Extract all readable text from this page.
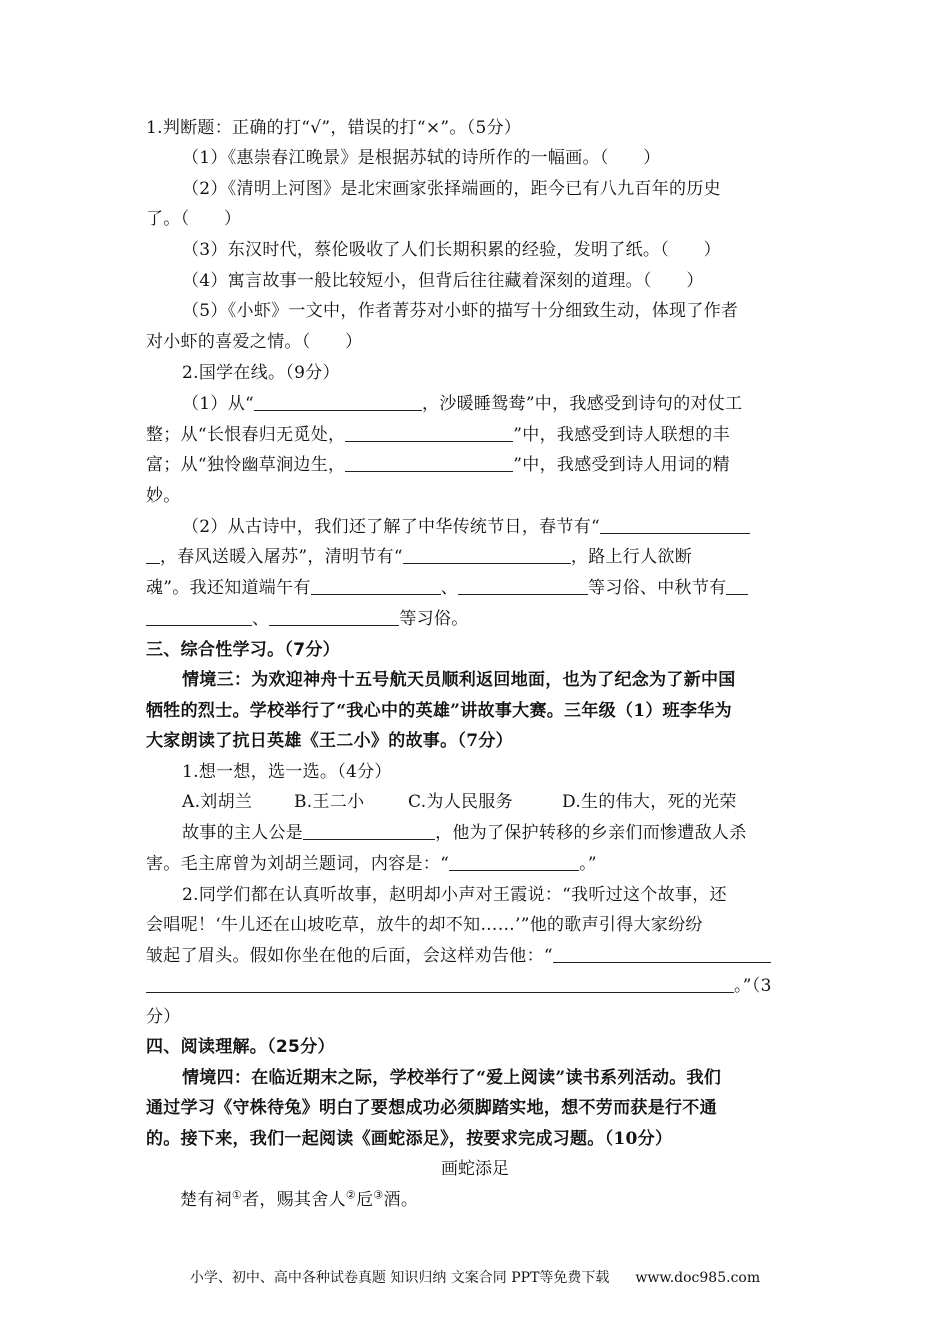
1.判断题：正确的打“√”，错误的打“×”。（5分）
（1）《惠崇春江晚景》是根据苏轼的诗所作的一幅画。（　　）
（2）《清明上河图》是北宋画家张择端画的，距今已有八九百年的历史
了。（　　）
（3）东汉时代，蔡伦吸收了人们长期积累的经验，发明了纸。（　　）
（4）寓言故事一般比较短小，但背后往往藏着深刻的道理。（　　）
（5）《小虾》一文中，作者菁芬对小虾的描写十分细致生动，体现了作者
对小虾的喜爱之情。（　　）
2.国学在线。（9分）
（1）从“	，沙暖睡鸳鸯”中，我感受到诗句的对仗工
整；从“长恨春归无觅处，	”中，我感受到诗人联想的丰
富；从“独怜幽草涧边生，	”中，我感受到诗人用词的精
妙。
（2）从古诗中，我们还了解了中华传统节日，春节有“
，春风送暖入屠苏”，清明节有“	，路上行人欲断
魂”。我还知道端午有	、	等习俗、中秋节有
、	等习俗。
三、综合性学习。（7分）
情境三：为欢迎神舟十五号航天员顺利返回地面，也为了纪念为了新中国
牺牲的烈士。学校举行了“我心中的英雄”讲故事大赛。三年级（1）班李华为
大家朗读了抗日英雄《王二小》的故事。（7分）
1.想一想，选一选。（4分）
A.刘胡兰 B.王二小	C.为人民服务	D.生的伟大，死的光荣
故事的主人公是	，他为了保护转移的乡亲们而惨遭敌人杀
害。毛主席曾为刘胡兰题词，内容是：“	。”
2.同学们都在认真听故事，赵明却小声对王霞说：“我听过这个故事，还
会唱呢！‘牛儿还在山坡吃草，放牛的却不知……’”他的歌声引得大家纷纷
皱起了眉头。假如你坐在他的后面，会这样劝告他：“
。”（3
分）
四、阅读理解。（25分）
情境四：在临近期末之际，学校举行了“爱上阅读”读书系列活动。我们
通过学习《守株待兔》明白了要想成功必须脚踏实地，想不劳而获是行不通
的。接下来，我们一起阅读《画蛇添足》，按要求完成习题。（10分）
画蛇添足
楚有祠①者，赐其舍人②卮③酒。
小学、初中、高中各种试卷真题 知识归纳 文案合同 PPT等免费下载 www.doc985.com
